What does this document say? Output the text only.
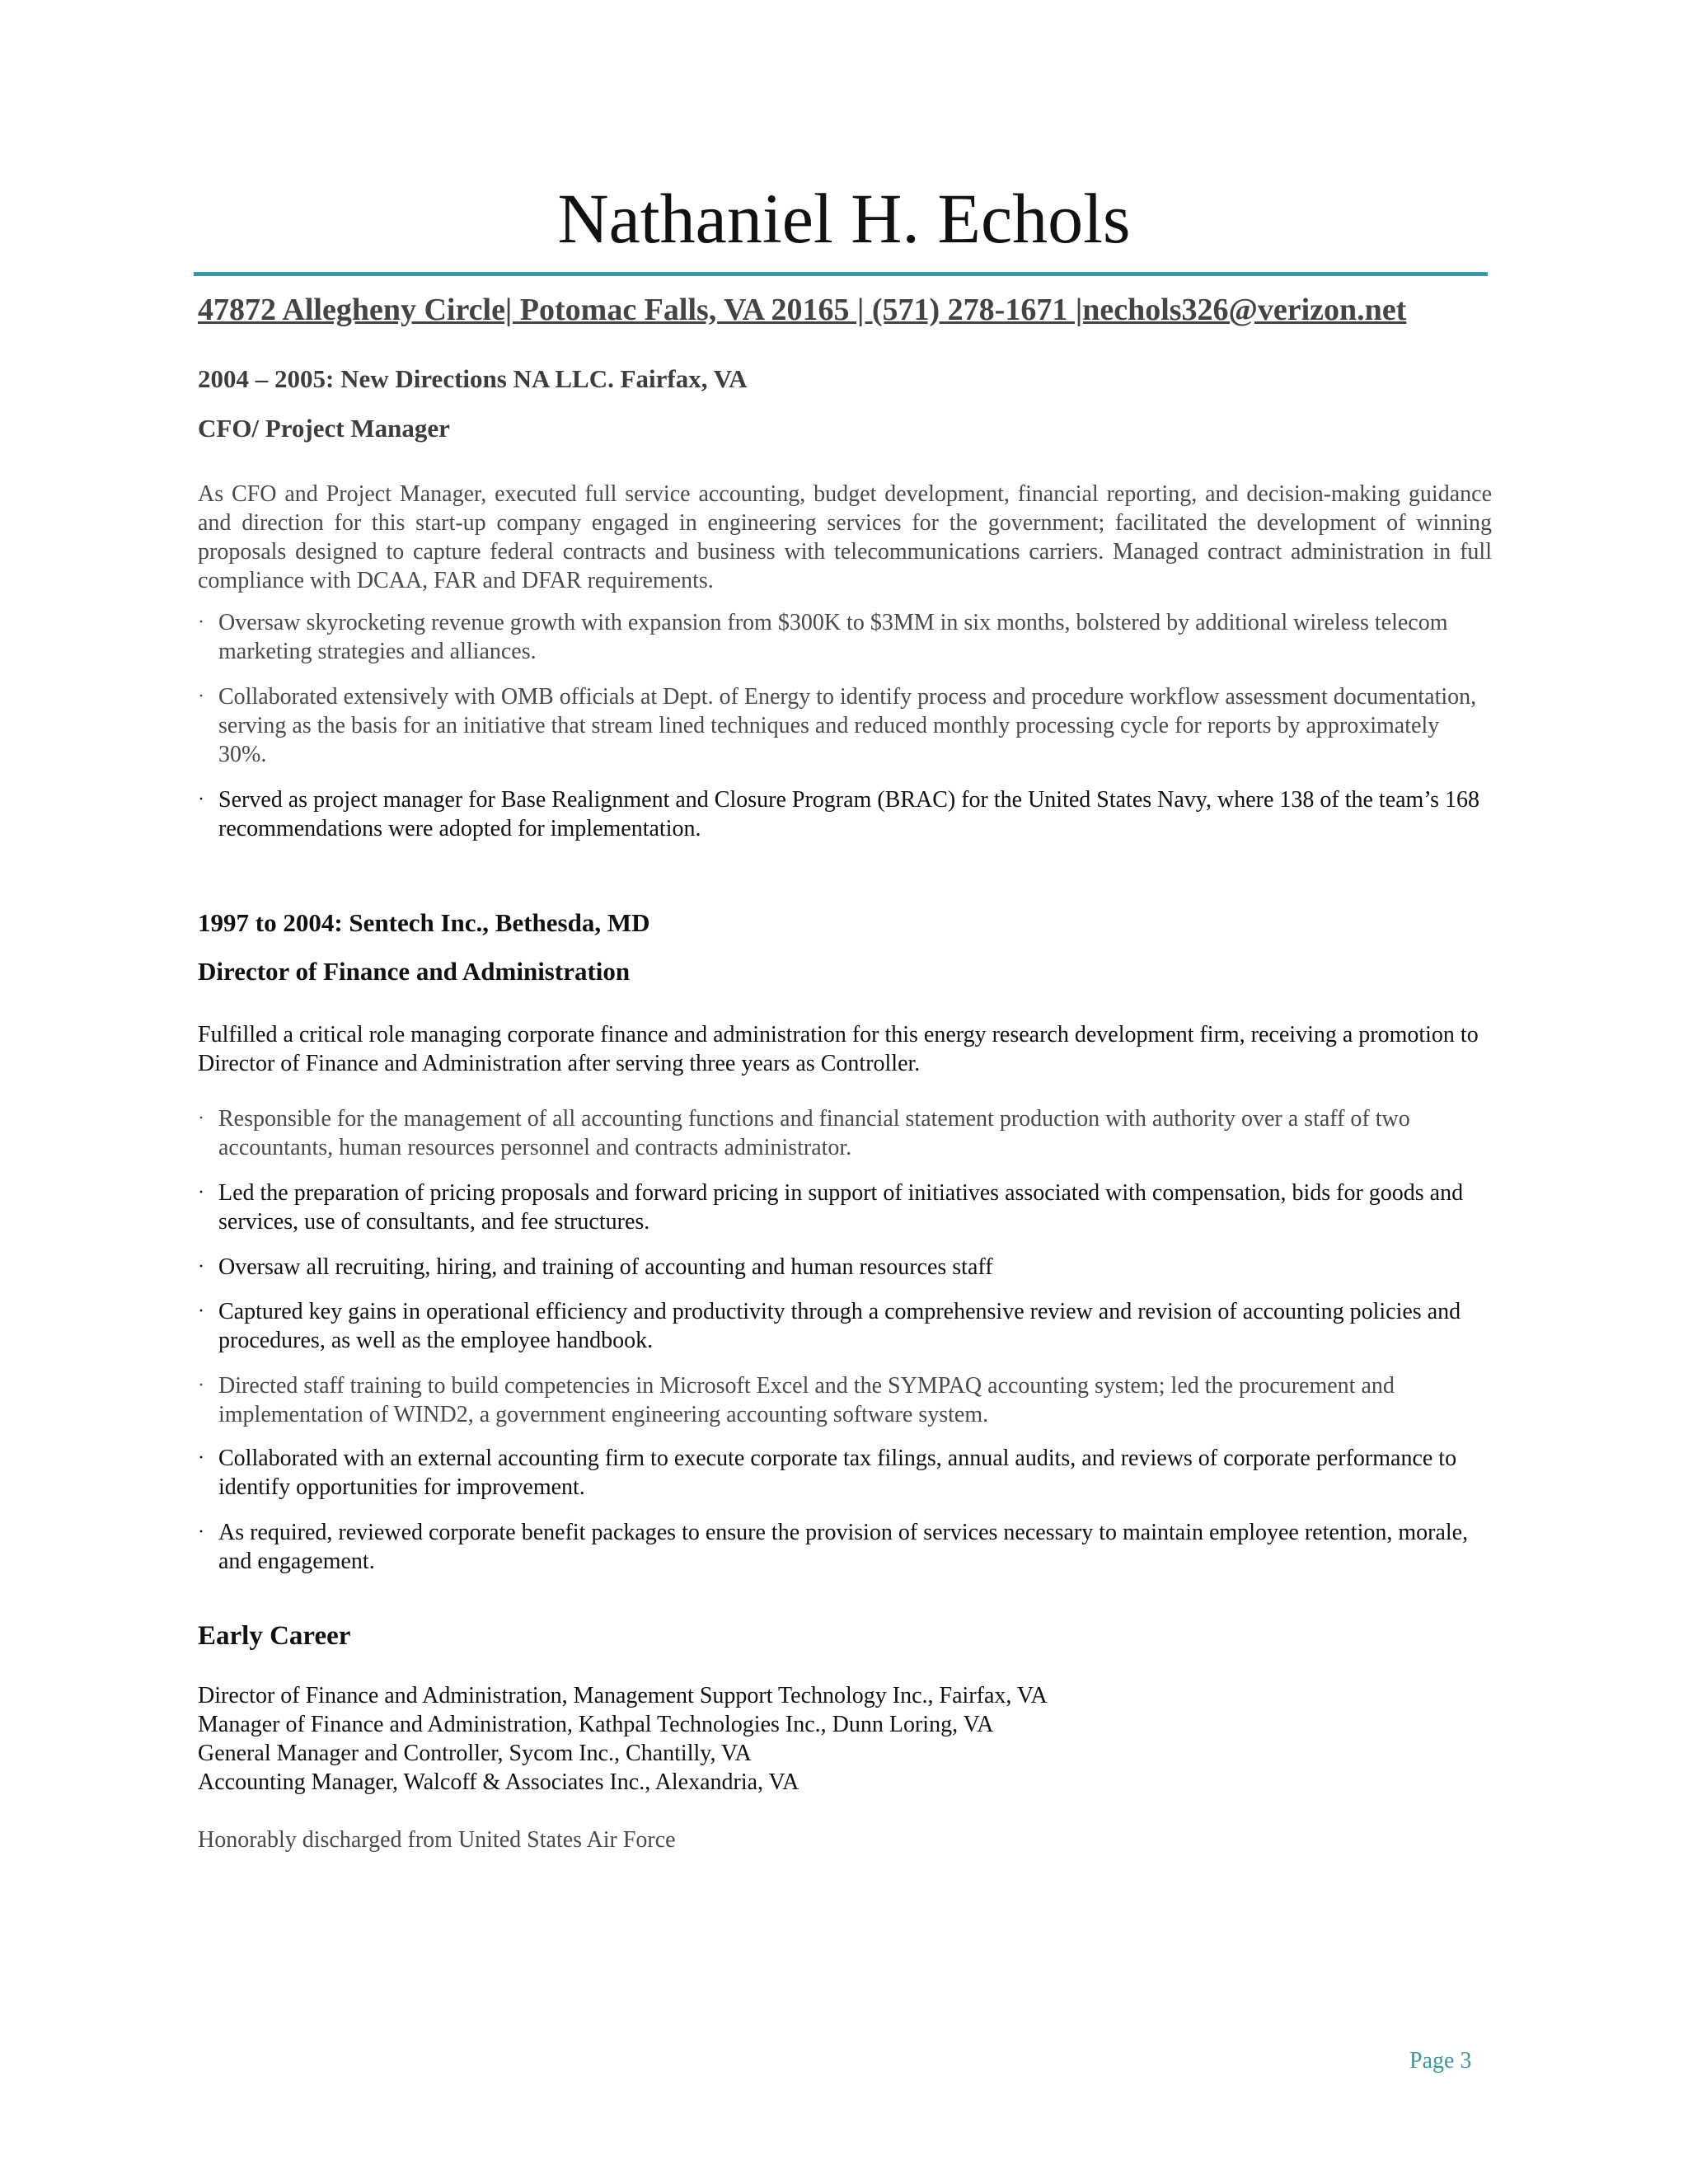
Nathaniel H. Echols
47872 Allegheny Circle| Potomac Falls, VA 20165 | (571) 278-1671 |nechols326@verizon.net
2004 – 2005: New Directions NA LLC. Fairfax, VA
CFO/ Project Manager
As CFO and Project Manager, executed full service accounting, budget development, financial reporting, and decision-making guidance and direction for this start-up company engaged in engineering services for the government; facilitated the development of winning proposals designed to capture federal contracts and business with telecommunications carriers. Managed contract administration in full compliance with DCAA, FAR and DFAR requirements.
· Oversaw skyrocketing revenue growth with expansion from $300K to $3MM in six months, bolstered by additional wireless telecom marketing strategies and alliances.
· Collaborated extensively with OMB officials at Dept. of Energy to identify process and procedure workflow assessment documentation, serving as the basis for an initiative that stream lined techniques and reduced monthly processing cycle for reports by approximately 30%.
· Served as project manager for Base Realignment and Closure Program (BRAC) for the United States Navy, where 138 of the team’s 168 recommendations were adopted for implementation.
1997 to 2004: Sentech Inc., Bethesda, MD
Director of Finance and Administration
Fulfilled a critical role managing corporate finance and administration for this energy research development firm, receiving a promotion to Director of Finance and Administration after serving three years as Controller.
· Responsible for the management of all accounting functions and financial statement production with authority over a staff of two accountants, human resources personnel and contracts administrator.
· Led the preparation of pricing proposals and forward pricing in support of initiatives associated with compensation, bids for goods and services, use of consultants, and fee structures.
· Oversaw all recruiting, hiring, and training of accounting and human resources staff
· Captured key gains in operational efficiency and productivity through a comprehensive review and revision of accounting policies and procedures, as well as the employee handbook.
· Directed staff training to build competencies in Microsoft Excel and the SYMPAQ accounting system; led the procurement and implementation of WIND2, a government engineering accounting software system.
· Collaborated with an external accounting firm to execute corporate tax filings, annual audits, and reviews of corporate performance to identify opportunities for improvement.
· As required, reviewed corporate benefit packages to ensure the provision of services necessary to maintain employee retention, morale, and engagement.
Early Career
Director of Finance and Administration, Management Support Technology Inc., Fairfax, VA
Manager of Finance and Administration, Kathpal Technologies Inc., Dunn Loring, VA
General Manager and Controller, Sycom Inc., Chantilly, VA
Accounting Manager, Walcoff & Associates Inc., Alexandria, VA
Honorably discharged from United States Air Force
Page 3
